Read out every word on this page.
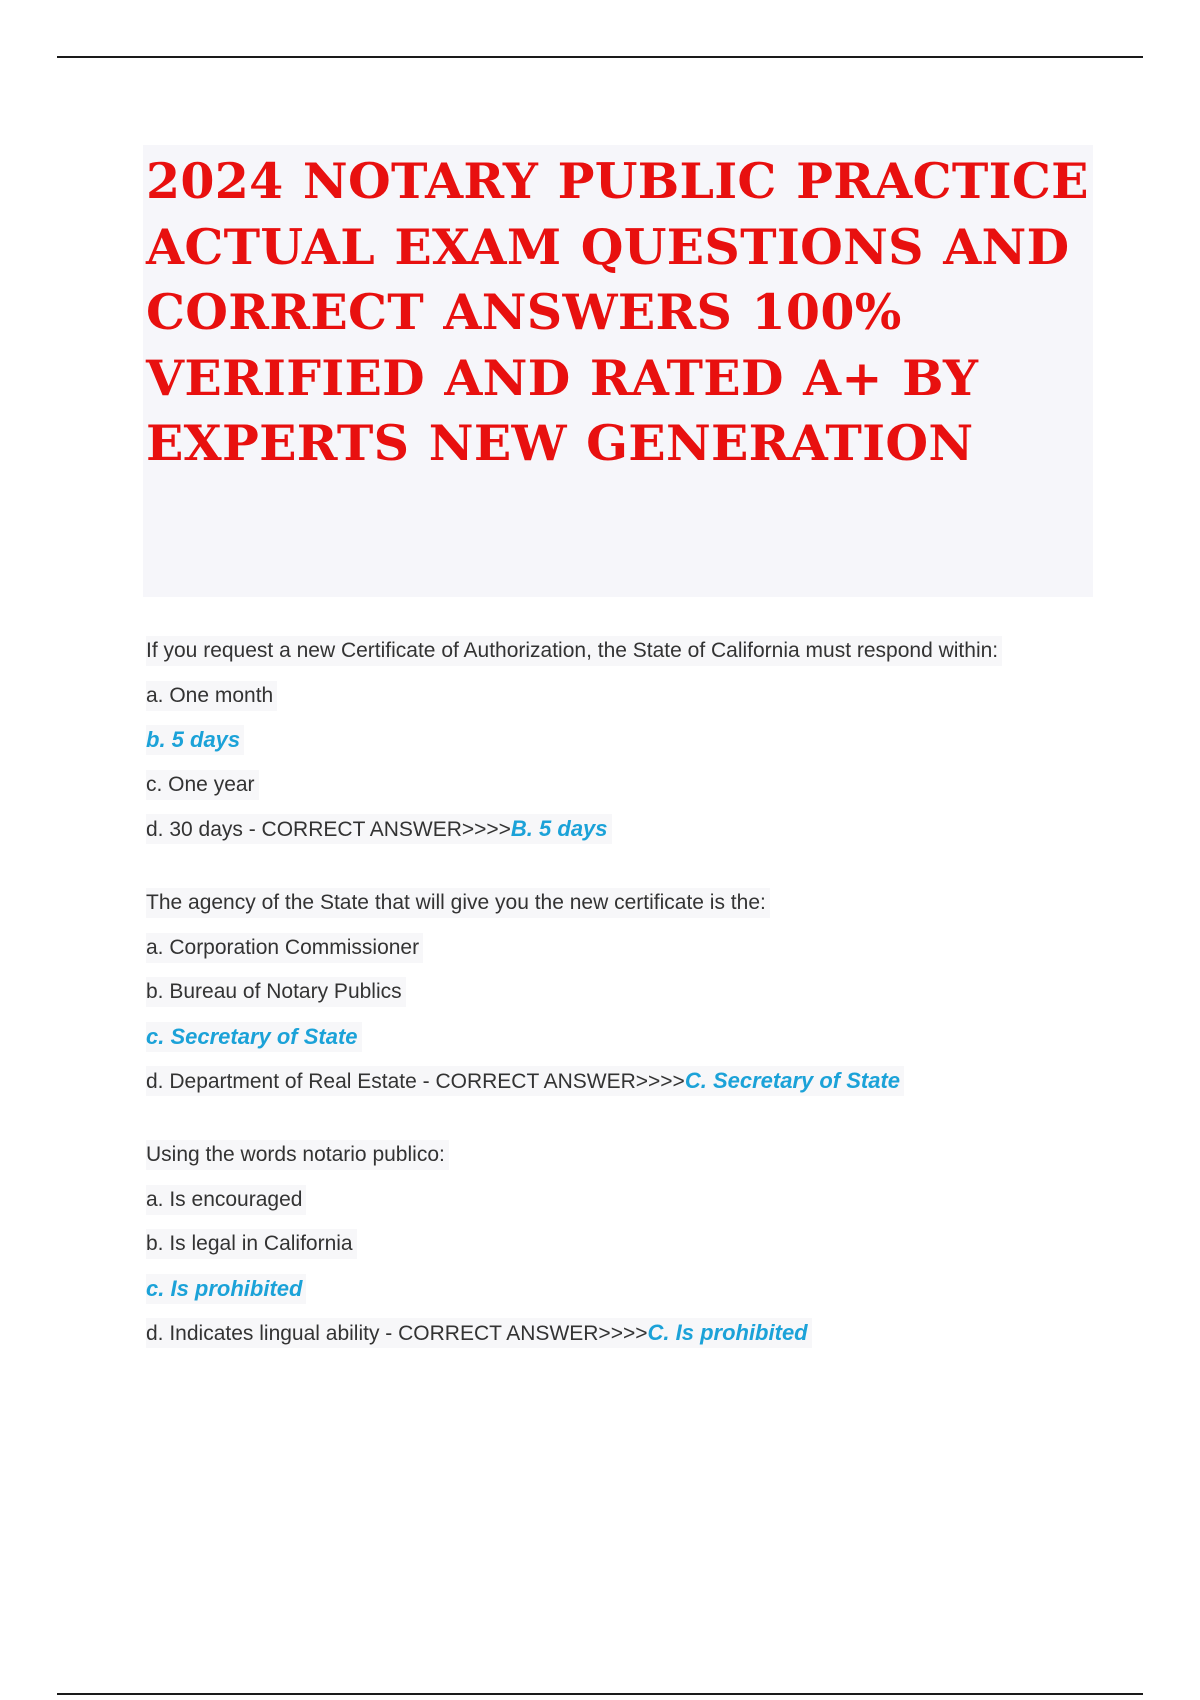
2024 NOTARY PUBLIC PRACTICE ACTUAL EXAM QUESTIONS AND CORRECT ANSWERS 100% VERIFIED AND RATED A+ BY EXPERTS NEW GENERATION
If you request a new Certificate of Authorization, the State of California must respond within:
a. One month
b. 5 days
c. One year
d. 30 days - CORRECT ANSWER>>>>B. 5 days
The agency of the State that will give you the new certificate is the:
a. Corporation Commissioner
b. Bureau of Notary Publics
c. Secretary of State
d. Department of Real Estate - CORRECT ANSWER>>>>C. Secretary of State
Using the words notario publico:
a. Is encouraged
b. Is legal in California
c. Is prohibited
d. Indicates lingual ability - CORRECT ANSWER>>>>C. Is prohibited
